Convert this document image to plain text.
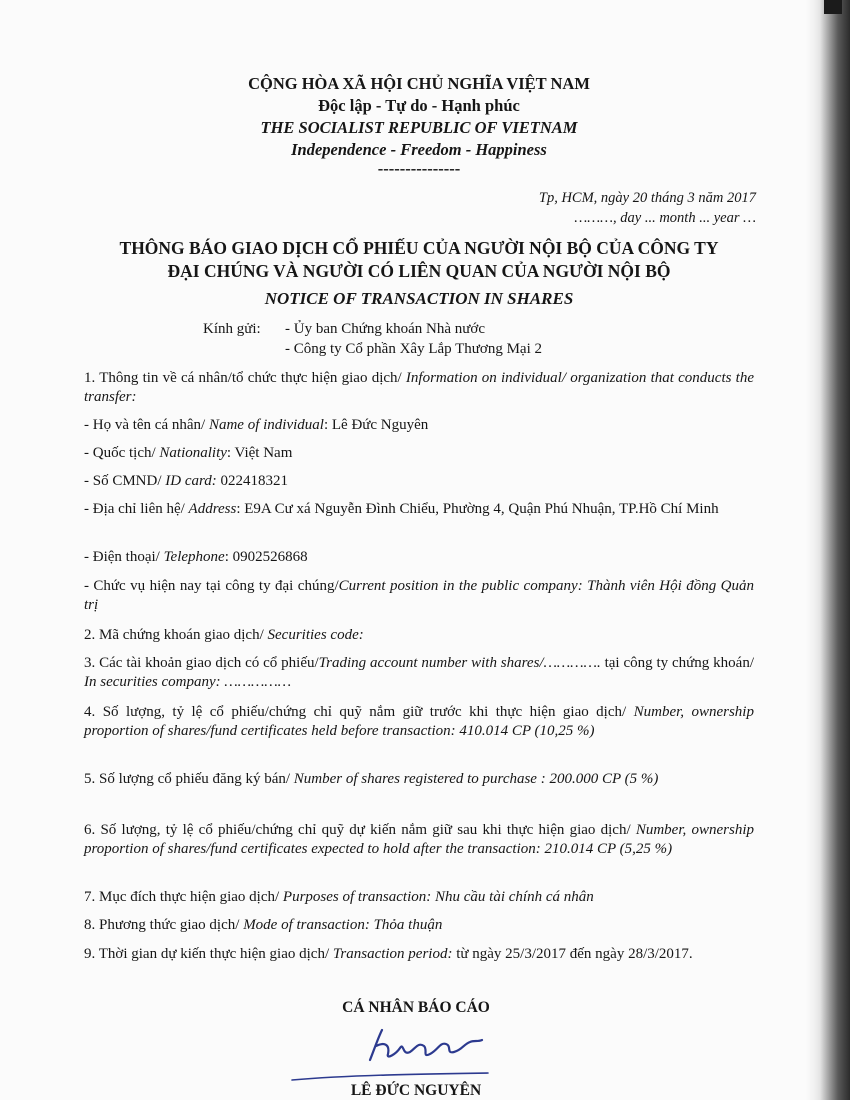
CỘNG HÒA XÃ HỘI CHỦ NGHĨA VIỆT NAM
Độc lập - Tự do - Hạnh phúc
THE SOCIALIST REPUBLIC OF VIETNAM
Independence - Freedom - Happiness
---------------
Tp, HCM, ngày 20 tháng 3 năm 2017
………, day ... month ... year …
THÔNG BÁO GIAO DỊCH CỔ PHIẾU CỦA NGƯỜI NỘI BỘ CỦA CÔNG TY
ĐẠI CHÚNG VÀ NGƯỜI CÓ LIÊN QUAN CỦA NGƯỜI NỘI BỘ
NOTICE OF TRANSACTION IN SHARES
Kính gửi: - Ủy ban Chứng khoán Nhà nước
- Công ty Cổ phần Xây Lắp Thương Mại 2

1. Thông tin về cá nhân/tổ chức thực hiện giao dịch/ Information on individual/ organization that conducts the transfer:

- Họ và tên cá nhân/ Name of individual: Lê Đức Nguyên

- Quốc tịch/ Nationality: Việt Nam

- Số CMND/ ID card: 022418321

- Địa chỉ liên hệ/ Address: E9A Cư xá Nguyễn Đình Chiểu, Phường 4, Quận Phú Nhuận, TP.Hồ Chí Minh

- Điện thoại/ Telephone: 0902526868

- Chức vụ hiện nay tại công ty đại chúng/Current position in the public company: Thành viên Hội đồng Quản trị

2. Mã chứng khoán giao dịch/ Securities code:

3. Các tài khoản giao dịch có cổ phiếu/Trading account number with shares/…………. tại công ty chứng khoán/ In securities company: ……………

4. Số lượng, tỷ lệ cổ phiếu/chứng chỉ quỹ nắm giữ trước khi thực hiện giao dịch/ Number, ownership proportion of shares/fund certificates held before transaction: 410.014 CP (10,25 %)

5. Số lượng cổ phiếu đăng ký bán/ Number of shares registered to purchase : 200.000 CP (5 %)

6. Số lượng, tỷ lệ cổ phiếu/chứng chỉ quỹ dự kiến nắm giữ sau khi thực hiện giao dịch/ Number, ownership proportion of shares/fund certificates expected to hold after the transaction: 210.014 CP (5,25 %)

7. Mục đích thực hiện giao dịch/ Purposes of transaction: Nhu cầu tài chính cá nhân

8. Phương thức giao dịch/ Mode of transaction: Thỏa thuận

9. Thời gian dự kiến thực hiện giao dịch/ Transaction period: từ ngày 25/3/2017 đến ngày 28/3/2017.

CÁ NHÂN BÁO CÁO
LÊ ĐỨC NGUYÊN
